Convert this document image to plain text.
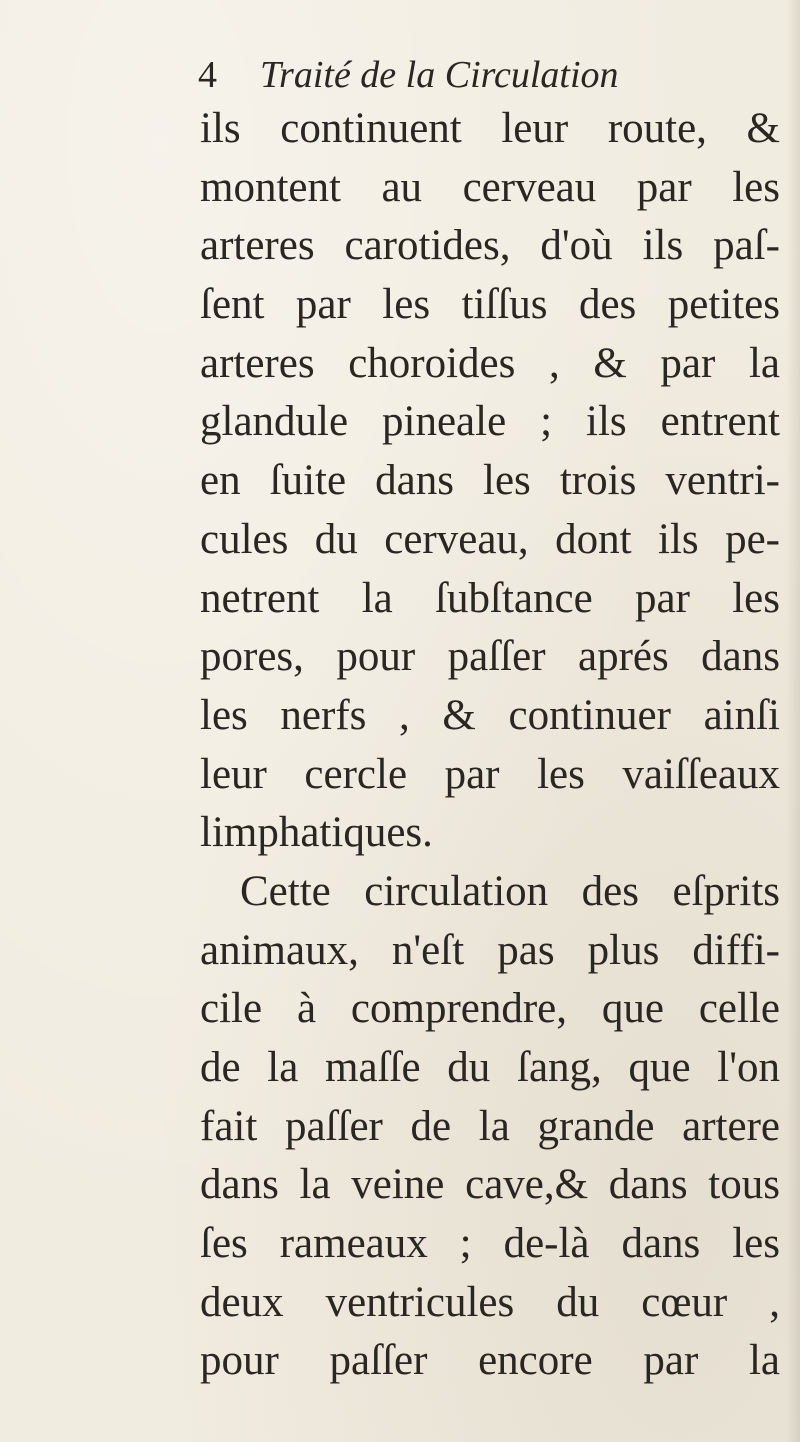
4 Traité de la Circulation
ils continuent leur route, &
montent au cerveau par les
arteres carotides, d'où ils paſ-
ſent par les tiſſus des petites
arteres choroides , & par la
glandule pineale ; ils entrent
en ſuite dans les trois ventri-
cules du cerveau, dont ils pe-
netrent la ſubſtance par les
pores, pour paſſer aprés dans
les nerfs , & continuer ainſi
leur cercle par les vaiſſeaux
limphatiques.
Cette circulation des eſprits
animaux, n'eſt pas plus diffi-
cile à comprendre, que celle
de la maſſe du ſang, que l'on
fait paſſer de la grande artere
dans la veine cave,& dans tous
ſes rameaux ; de-là dans les
deux ventricules du cœur ,
pour paſſer encore par la
